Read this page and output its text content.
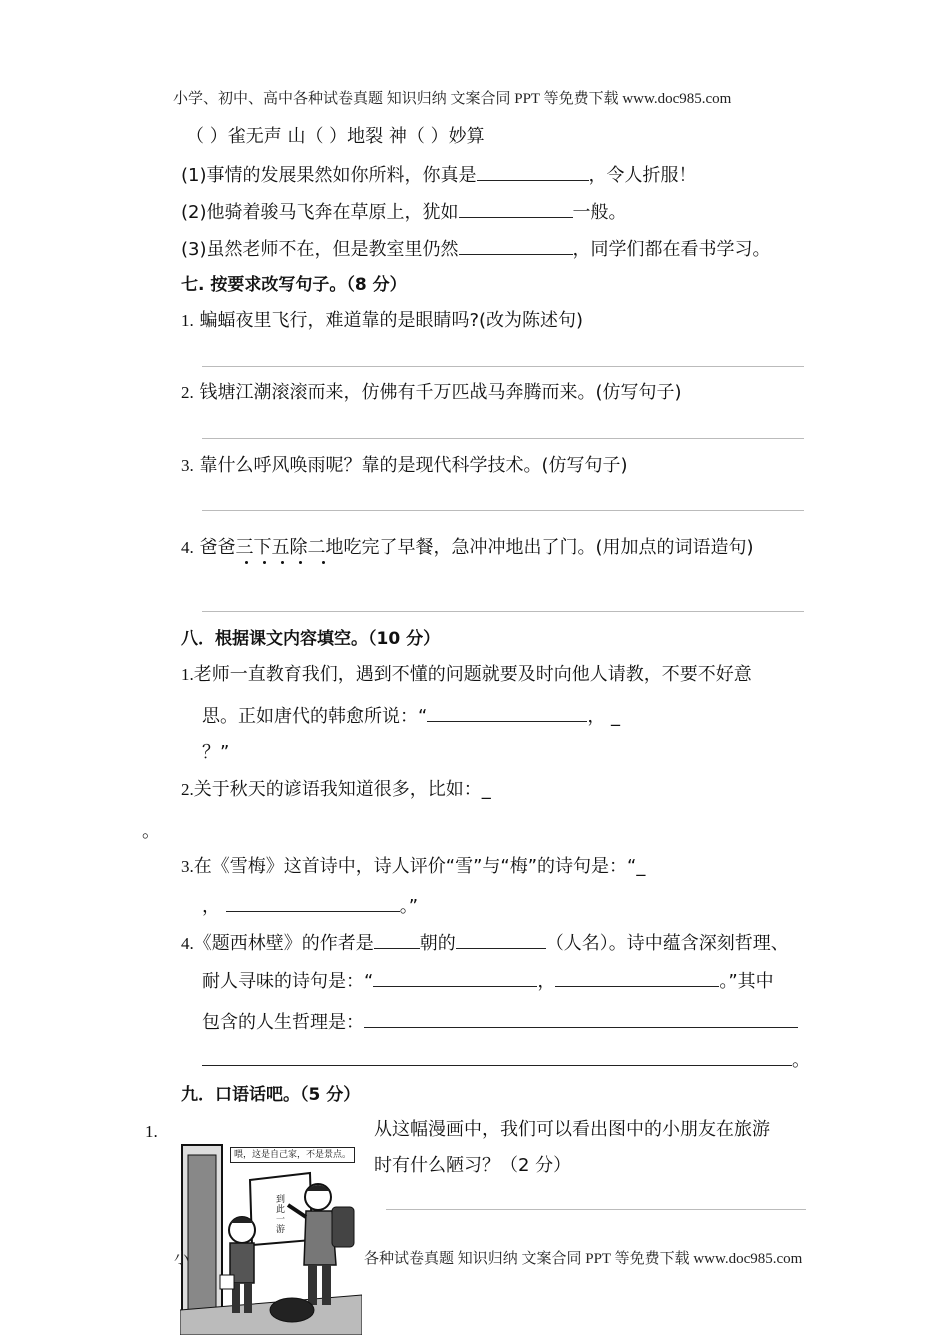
小学、初中、高中各种试卷真题 知识归纳 文案合同 PPT 等免费下载 www.doc985.com
（ ）雀无声 山（ ）地裂 神（ ）妙算
(1)事情的发展果然如你所料，你真是	，令人折服！
(2)他骑着骏马飞奔在草原上，犹如	一般。
(3)虽然老师不在，但是教室里仍然	，同学们都在看书学习。
七. 按要求改写句子。（8 分）
1. 蝙蝠夜里飞行，难道靠的是眼睛吗?(改为陈述句)
2. 钱塘江潮滚滚而来，仿佛有千万匹战马奔腾而来。(仿写句子)
3. 靠什么呼风唤雨呢？靠的是现代科学技术。(仿写句子)
4. 爸爸三下五除二地吃完了早餐，急冲冲地出了门。(用加点的词语造句)
八．根据课文内容填空。（10 分）
1.老师一直教育我们，遇到不懂的问题就要及时向他人请教，不要不好意
思。正如唐代的韩愈所说：“	， _
？”
2.关于秋天的谚语我知道很多，比如：_
。
3.在《雪梅》这首诗中，诗人评价“雪”与“梅”的诗句是：“_
，	。”
4.《题西林壁》的作者是	朝的	（人名）。诗中蕴含深刻哲理、
耐人寻味的诗句是：“	，	。”其中
包含的人生哲理是：
。
九．口语话吧。（5 分）
1.	从这幅漫画中，我们可以看出图中的小朋友在旅游
时有什么陋习？（2 分）
喂，这是自己家，不是景点。
到此一游
小	各种试卷真题 知识归纳 文案合同 PPT 等免费下载 www.doc985.com
